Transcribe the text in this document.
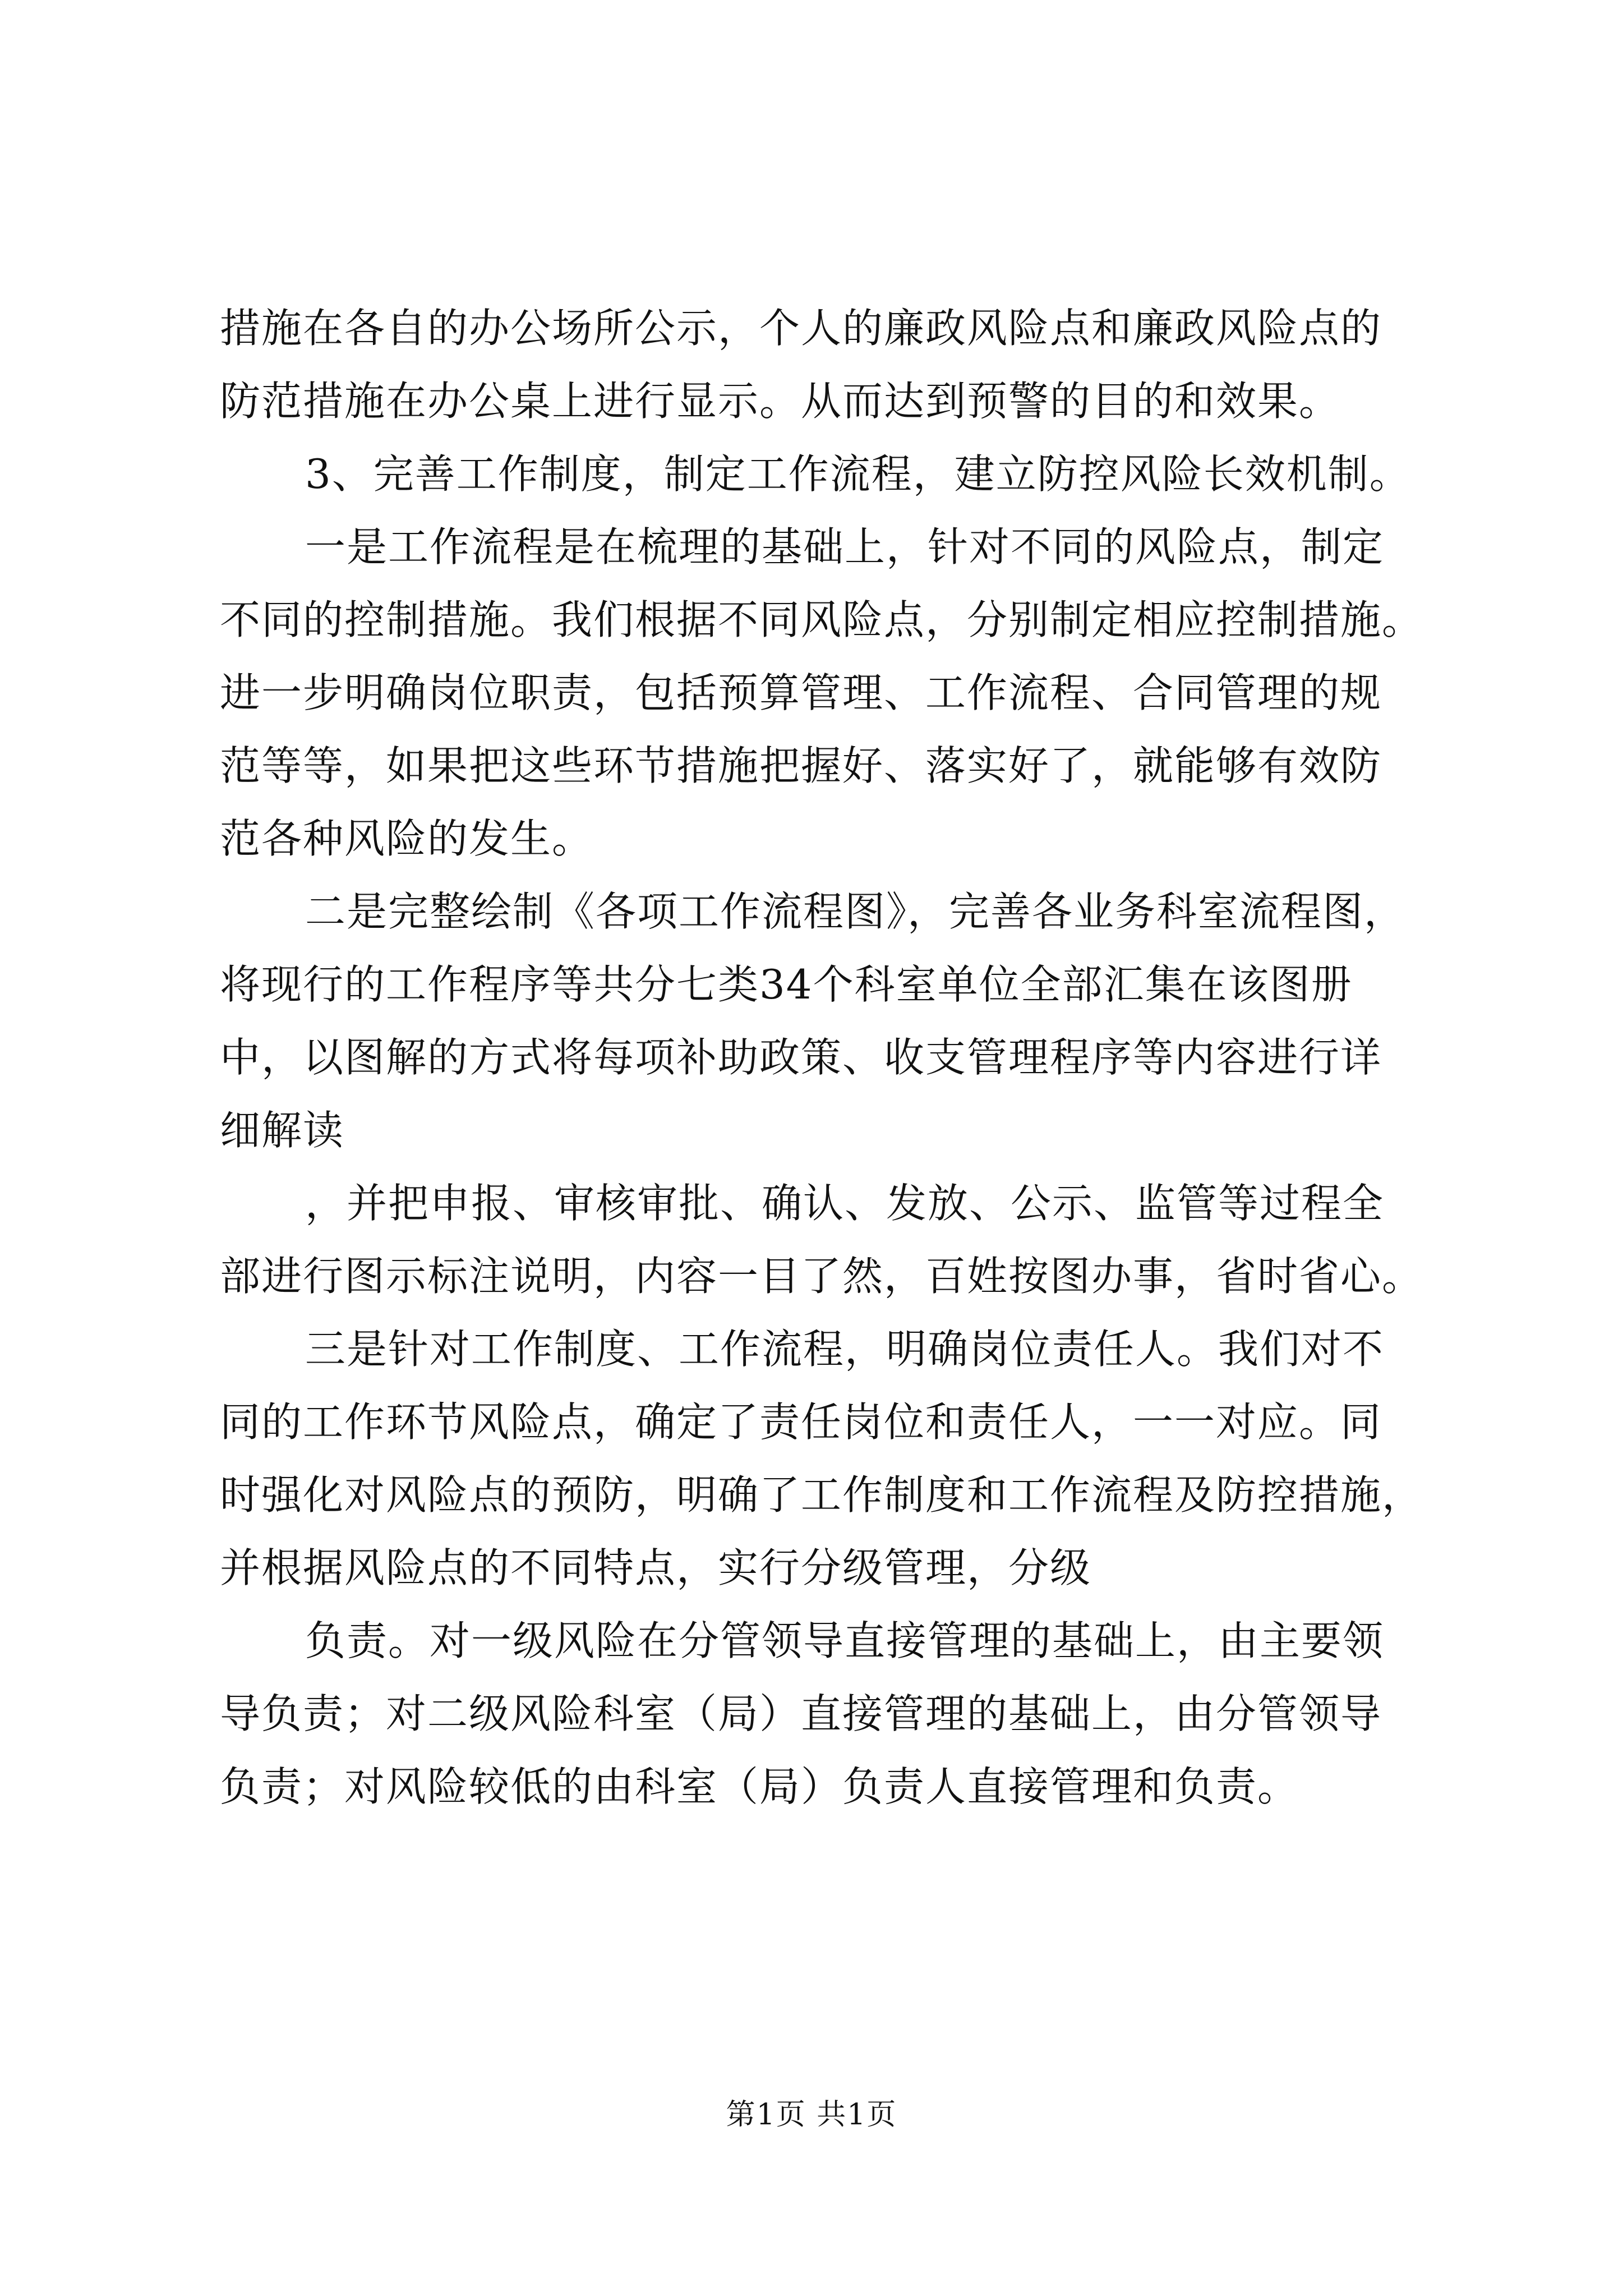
措施在各自的办公场所公示，个人的廉政风险点和廉政风险点的
防范措施在办公桌上进行显示。从而达到预警的目的和效果。
3、完善工作制度，制定工作流程，建立防控风险长效机制。
一是工作流程是在梳理的基础上，针对不同的风险点，制定
不同的控制措施。我们根据不同风险点，分别制定相应控制措施。
进一步明确岗位职责，包括预算管理、工作流程、合同管理的规
范等等，如果把这些环节措施把握好、落实好了，就能够有效防
范各种风险的发生。
二是完整绘制《各项工作流程图》，完善各业务科室流程图，
将现行的工作程序等共分七类34个科室单位全部汇集在该图册
中，以图解的方式将每项补助政策、收支管理程序等内容进行详
细解读
，并把申报、审核审批、确认、发放、公示、监管等过程全
部进行图示标注说明，内容一目了然，百姓按图办事，省时省心。
三是针对工作制度、工作流程，明确岗位责任人。我们对不
同的工作环节风险点，确定了责任岗位和责任人，一一对应。同
时强化对风险点的预防，明确了工作制度和工作流程及防控措施，
并根据风险点的不同特点，实行分级管理，分级
负责。对一级风险在分管领导直接管理的基础上，由主要领
导负责；对二级风险科室（局）直接管理的基础上，由分管领导
负责；对风险较低的由科室（局）负责人直接管理和负责。
第1页 共1页
